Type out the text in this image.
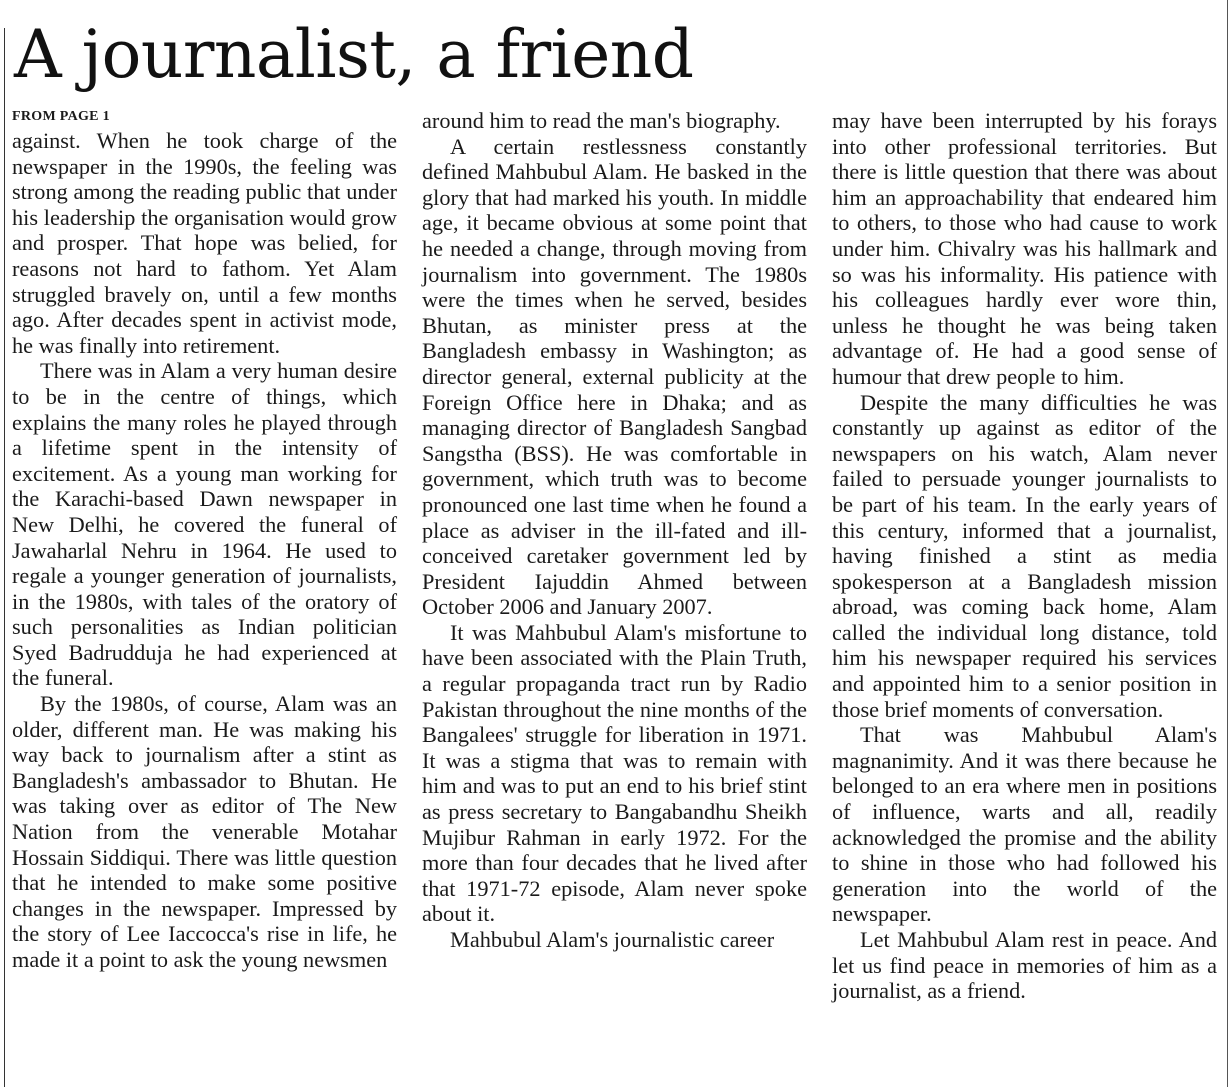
A journalist, a friend
FROM PAGE 1

against. When he took charge of the newspaper in the 1990s, the feeling was strong among the reading public that under his leadership the organisation would grow and prosper. That hope was belied, for reasons not hard to fathom. Yet Alam struggled bravely on, until a few months ago. After decades spent in activist mode, he was finally into retirement.

There was in Alam a very human desire to be in the centre of things, which explains the many roles he played through a lifetime spent in the intensity of excitement. As a young man working for the Karachi-based Dawn newspaper in New Delhi, he covered the funeral of Jawaharlal Nehru in 1964. He used to regale a younger generation of journalists, in the 1980s, with tales of the oratory of such personalities as Indian politician Syed Badrudduja he had experienced at the funeral.

By the 1980s, of course, Alam was an older, different man. He was making his way back to journalism after a stint as Bangladesh's ambassador to Bhutan. He was taking over as editor of The New Nation from the venerable Motahar Hossain Siddiqui. There was little question that he intended to make some positive changes in the newspaper. Impressed by the story of Lee Iaccocca's rise in life, he made it a point to ask the young newsmen

around him to read the man's biography.

A certain restlessness constantly defined Mahbubul Alam. He basked in the glory that had marked his youth. In middle age, it became obvious at some point that he needed a change, through moving from journalism into government. The 1980s were the times when he served, besides Bhutan, as minister press at the Bangladesh embassy in Washington; as director general, external publicity at the Foreign Office here in Dhaka; and as managing director of Bangladesh Sangbad Sangstha (BSS). He was comfortable in government, which truth was to become pronounced one last time when he found a place as adviser in the ill-fated and ill-conceived caretaker government led by President Iajuddin Ahmed between October 2006 and January 2007.

It was Mahbubul Alam's misfortune to have been associated with the Plain Truth, a regular propaganda tract run by Radio Pakistan throughout the nine months of the Bangalees' struggle for liberation in 1971. It was a stigma that was to remain with him and was to put an end to his brief stint as press secretary to Bangabandhu Sheikh Mujibur Rahman in early 1972. For the more than four decades that he lived after that 1971-72 episode, Alam never spoke about it.

Mahbubul Alam's journalistic career

may have been interrupted by his forays into other professional territories. But there is little question that there was about him an approachability that endeared him to others, to those who had cause to work under him. Chivalry was his hallmark and so was his informality. His patience with his colleagues hardly ever wore thin, unless he thought he was being taken advantage of. He had a good sense of humour that drew people to him.

Despite the many difficulties he was constantly up against as editor of the newspapers on his watch, Alam never failed to persuade younger journalists to be part of his team. In the early years of this century, informed that a journalist, having finished a stint as media spokesperson at a Bangladesh mission abroad, was coming back home, Alam called the individual long distance, told him his newspaper required his services and appointed him to a senior position in those brief moments of conversation.

That was Mahbubul Alam's magnanimity. And it was there because he belonged to an era where men in positions of influence, warts and all, readily acknowledged the promise and the ability to shine in those who had followed his generation into the world of the newspaper.

Let Mahbubul Alam rest in peace. And let us find peace in memories of him as a journalist, as a friend.
